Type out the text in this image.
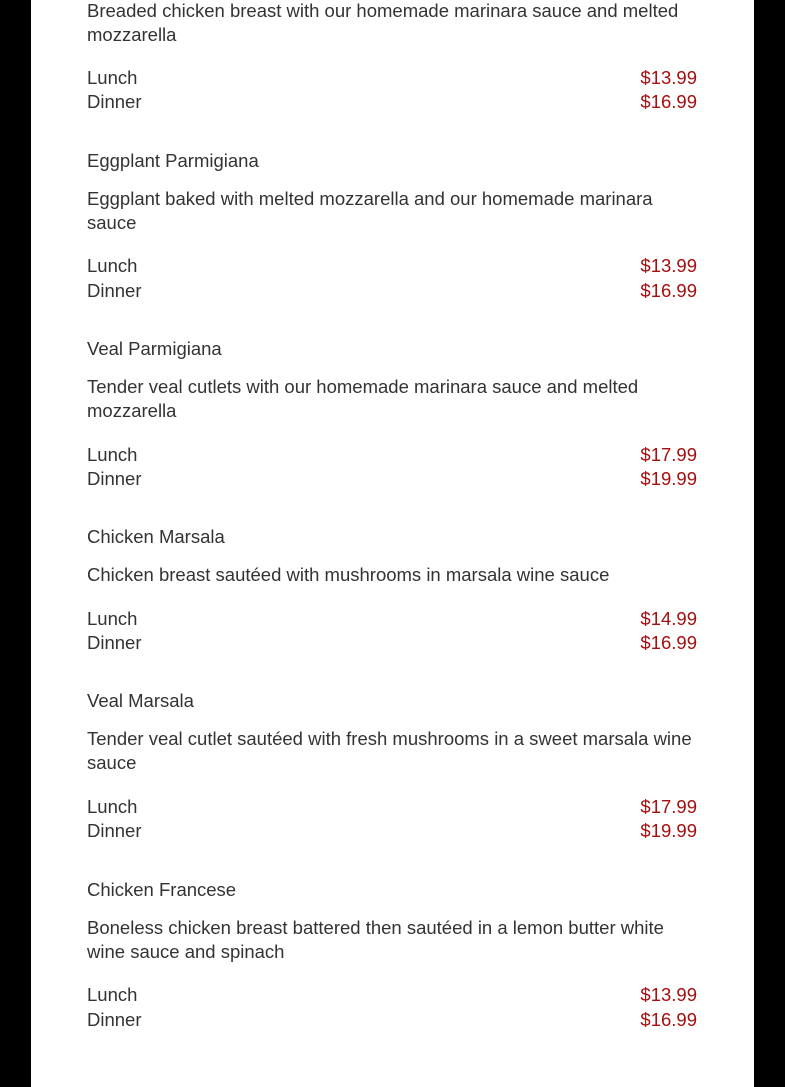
Breaded chicken breast with our homemade marinara sauce and melted mozzarella
Lunch	$13.99
Dinner	$16.99
Eggplant Parmigiana
Eggplant baked with melted mozzarella and our homemade marinara sauce
Lunch	$13.99
Dinner	$16.99
Veal Parmigiana
Tender veal cutlets with our homemade marinara sauce and melted mozzarella
Lunch	$17.99
Dinner	$19.99
Chicken Marsala
Chicken breast sautéed with mushrooms in marsala wine sauce
Lunch	$14.99
Dinner	$16.99
Veal Marsala
Tender veal cutlet sautéed with fresh mushrooms in a sweet marsala wine sauce
Lunch	$17.99
Dinner	$19.99
Chicken Francese
Boneless chicken breast battered then sautéed in a lemon butter white wine sauce and spinach
Lunch	$13.99
Dinner	$16.99
